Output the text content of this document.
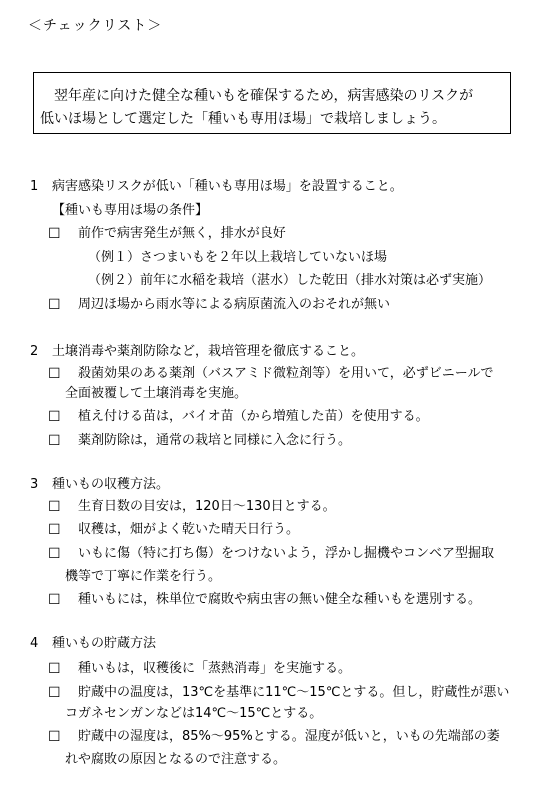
＜チェックリスト＞
翌年産に向けた健全な種いもを確保するため，病害感染のリスクが
低いほ場として選定した「種いも専用ほ場」で栽培しましょう。
1 病害感染リスクが低い「種いも専用ほ場」を設置すること。
【種いも専用ほ場の条件】
☐ 前作で病害発生が無く，排水が良好
（例１）さつまいもを２年以上栽培していないほ場
（例２）前年に水稲を栽培（湛水）した乾田（排水対策は必ず実施）
☐ 周辺ほ場から雨水等による病原菌流入のおそれが無い
2 土壌消毒や薬剤防除など，栽培管理を徹底すること。
☐ 殺菌効果のある薬剤（バスアミド微粒剤等）を用いて，必ずビニールで
全面被覆して土壌消毒を実施。
☐ 植え付ける苗は，バイオ苗（から増殖した苗）を使用する。
☐ 薬剤防除は，通常の栽培と同様に入念に行う。
3 種いもの収穫方法。
☐ 生育日数の目安は，120日～130日とする。
☐ 収穫は，畑がよく乾いた晴天日行う。
☐ いもに傷（特に打ち傷）をつけないよう，浮かし掘機やコンベア型掘取
機等で丁寧に作業を行う。
☐ 種いもには，株単位で腐敗や病虫害の無い健全な種いもを選別する。
4 種いもの貯蔵方法
☐ 種いもは，収穫後に「蒸熱消毒」を実施する。
☐ 貯蔵中の温度は，13℃を基準に11℃～15℃とする。但し，貯蔵性が悪い
コガネセンガンなどは14℃～15℃とする。
☐ 貯蔵中の湿度は，85%～95%とする。湿度が低いと，いもの先端部の萎
れや腐敗の原因となるので注意する。
